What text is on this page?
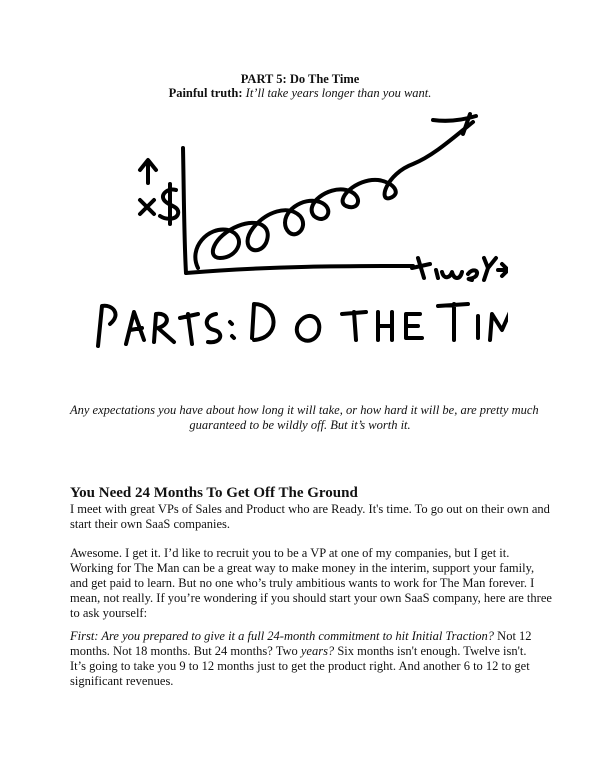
PART 5: Do The Time
Painful truth: It’ll take years longer than you want.
Any expectations you have about how long it will take, or how hard it will be, are pretty much
guaranteed to be wildly off. But it’s worth it.
You Need 24 Months To Get Off The Ground
I meet with great VPs of Sales and Product who are Ready. It's time. To go out on their own and
start their own SaaS companies.
Awesome. I get it. I’d like to recruit you to be a VP at one of my companies, but I get it.
Working for The Man can be a great way to make money in the interim, support your family,
and get paid to learn. But no one who’s truly ambitious wants to work for The Man forever. I
mean, not really. If you’re wondering if you should start your own SaaS company, here are three
to ask yourself:
First: Are you prepared to give it a full 24-month commitment to hit Initial Traction? Not 12
months. Not 18 months. But 24 months? Two years? Six months isn't enough. Twelve isn't.
It’s going to take you 9 to 12 months just to get the product right. And another 6 to 12 to get
significant revenues.
